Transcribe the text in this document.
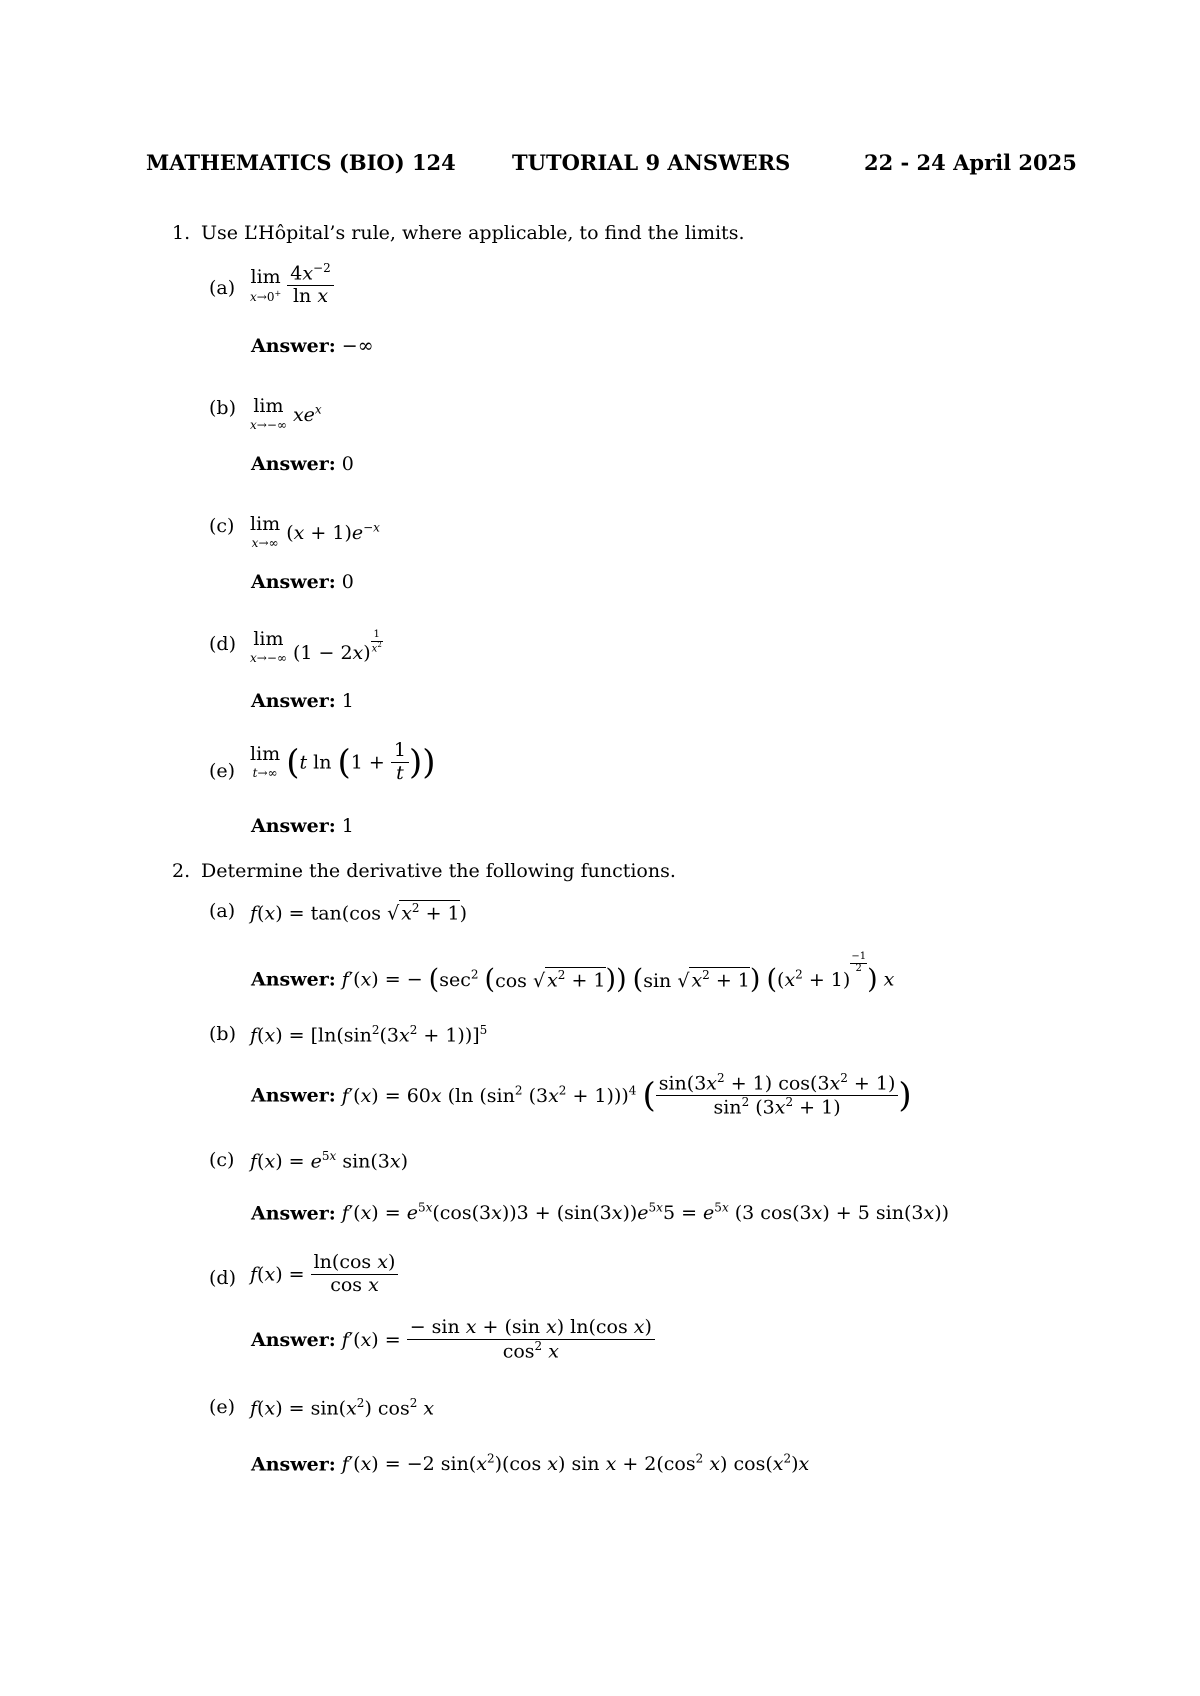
MATHEMATICS (BIO) 124	TUTORIAL 9 ANSWERS	22 - 24 April 2025
1. Use L’Hôpital’s rule, where applicable, to find the limits.
(a)
lim
x→0+
$\frac{4x^{-2}}{\text{ln x}}$
Answer: −∞
(b) lim
x→−∞ $xe^x$
Answer: 0
(c) lim
x→∞ $(x + 1)e^{-x}$
Answer: 0
(d) lim
x→−∞ $(1 - 2x) \frac{1}{x^2}$
Answer: 1
(e)
lim
t→∞ (t $\ln (1 + \frac{1}{t}$ ))
Answer: 1
2. Determine the derivative the following functions.
(a) f(x) = tan(cos √ $x^2 + 1$)
Answer: f′(x) = − ($\sec^2$ (cos √ $x^2 + 1$)) (sin √ $x^2 + 1$) ($(x^2 + 1)$
$\frac{-1}{2}$
) x
(b) $f(x) = [\ln(\sin^2(3x^2 + 1))]^5$
Answer: f′(x) = 60x (ln ($\sin^2$ $(3x^2 + 1)))^4$ ( $\frac{\sin(3x^2 + 1) \cos(3x^2 + 1)}{\sin^2 (3x^2 + 1)}$ )
(c) $f(x) = e^{5x}$ sin(3x)
Answer: $f'(x) = e^{5x}(\cos(3x))3 + (\sin(3x))e^{5x}5 = e^{5x}$ (3 cos(3x) + 5 sin(3x))
(d) $f(x) = \frac{\text{ln(cos x)}}{\text{cos x}}$
Answer: $f'(x) = \frac{\text{− sin x + (sin x) ln(cos x)}}{\cos^2 x}$
(e) $f(x) = \sin(x^2)$ $\cos^2 x$
Answer: f′(x) = −2 $\sin(x^2)(\cos$ x) $\sin x + 2(\cos^2$ x) $\cos(x^2)x$
